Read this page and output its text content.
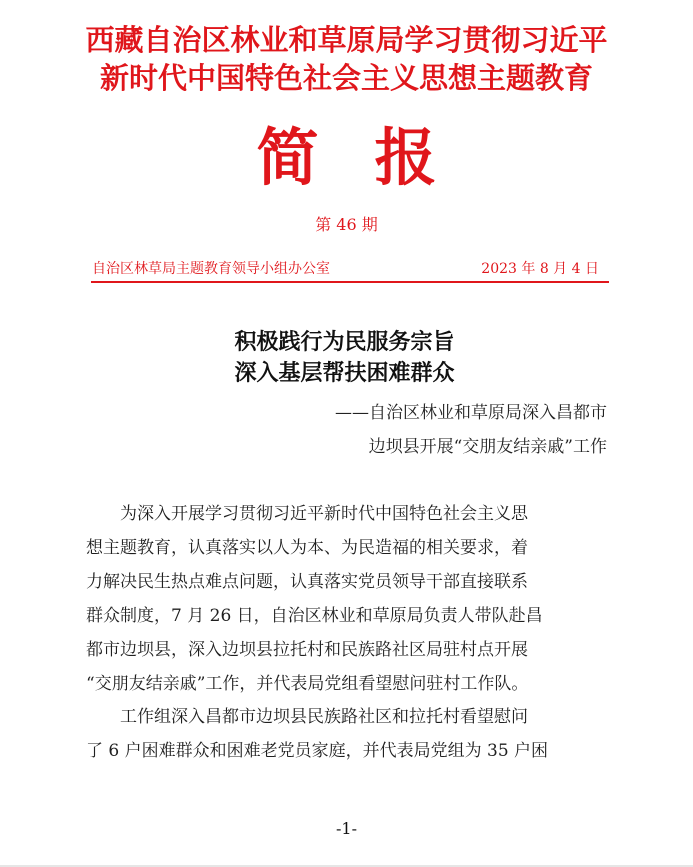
西藏自治区林业和草原局学习贯彻习近平
新时代中国特色社会主义思想主题教育
简 报
第 46 期
自治区林草局主题教育领导小组办公室	2023 年 8 月 4 日
积极践行为民服务宗旨
深入基层帮扶困难群众
——自治区林业和草原局深入昌都市
边坝县开展“交朋友结亲戚”工作
　　为深入开展学习贯彻习近平新时代中国特色社会主义思
想主题教育，认真落实以人为本、为民造福的相关要求，着
力解决民生热点难点问题，认真落实党员领导干部直接联系
群众制度，7 月 26 日，自治区林业和草原局负责人带队赴昌
都市边坝县，深入边坝县拉托村和民族路社区局驻村点开展
“交朋友结亲戚”工作，并代表局党组看望慰问驻村工作队。
　　工作组深入昌都市边坝县民族路社区和拉托村看望慰问
了 6 户困难群众和困难老党员家庭，并代表局党组为 35 户困
-1-
